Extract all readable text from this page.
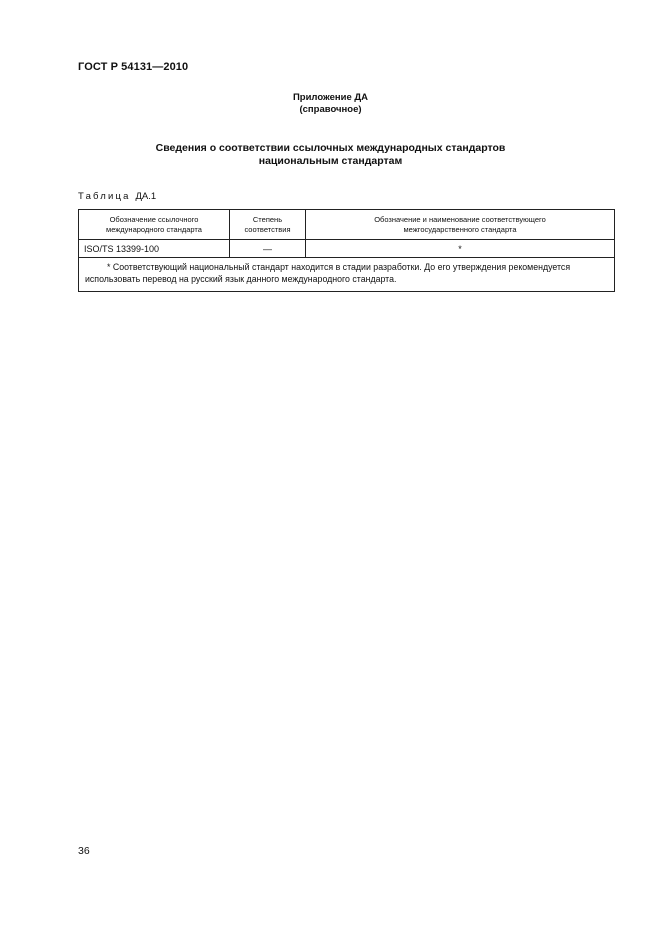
ГОСТ Р 54131—2010
Приложение ДА
(справочное)
Сведения о соответствии ссылочных международных стандартов
национальным стандартам
Таблица ДА.1
Обозначение ссылочного международного стандарта	Степень соответствия	Обозначение и наименование соответствующего межгосударственного стандарта
ISO/TS 13399-100	—	*

* Соответствующий национальный стандарт находится в стадии разработки. До его утверждения рекомендуется использовать перевод на русский язык данного международного стандарта.		
36
